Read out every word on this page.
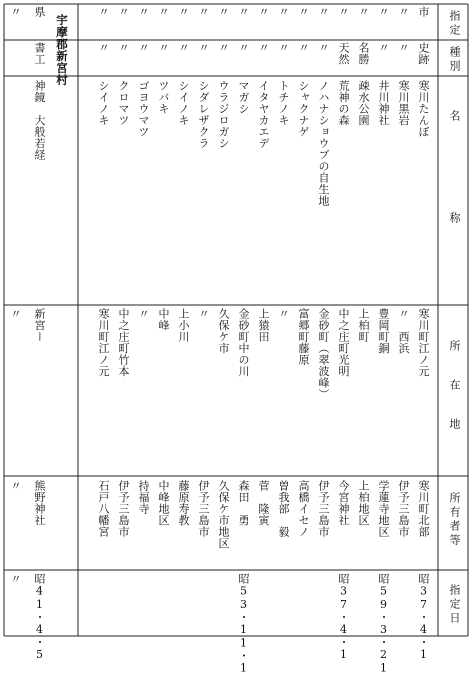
指定
種別
名　称
所在地
所有者等
指定日
宇摩郡新宮村
市
史跡
寒川たんぼ
寒川町江ノ元
寒川町北部
昭37・4・1
〃
〃
寒川黒岩
〃　西浜
伊予三島市
〃
〃
井川神社
豊岡町銅
学蓮寺地区
昭59・3・21
〃
名勝
疎水公園
上柏町
上柏地区
〃
天然
荒神の森
中之庄町光明
今宮神社
昭37・4・1
〃
〃
ノハナショウブの自生地
金砂町（翠波峰）
伊予三島市
〃
〃
シャクナゲ
富郷町藤原
高橋イセノ
〃
〃
トチノキ
〃
曽我部　毅
〃
〃
イタヤカエデ
上猿田
菅　隆寅
〃
〃
マガシ
金砂町中の川
森田　勇
昭53・11・1
〃
〃
ウラジロガシ
久保ケ市
久保ケ市地区
〃
〃
シダレザクラ
〃
伊予三島市
〃
〃
シイノキ
上小川
藤原寿教
〃
〃
ツバキ
中峰
中峰地区
〃
〃
ゴヨウマツ
〃
持福寺
〃
〃
クロマツ
中之庄町竹本
伊予三島市
〃
〃
シイノキ
寒川町江ノ元
石戸八幡宮
県
書工
神鏡　大般若経
新宮ー
熊野神社
昭41・4・5
〃
〃
〃
〃
